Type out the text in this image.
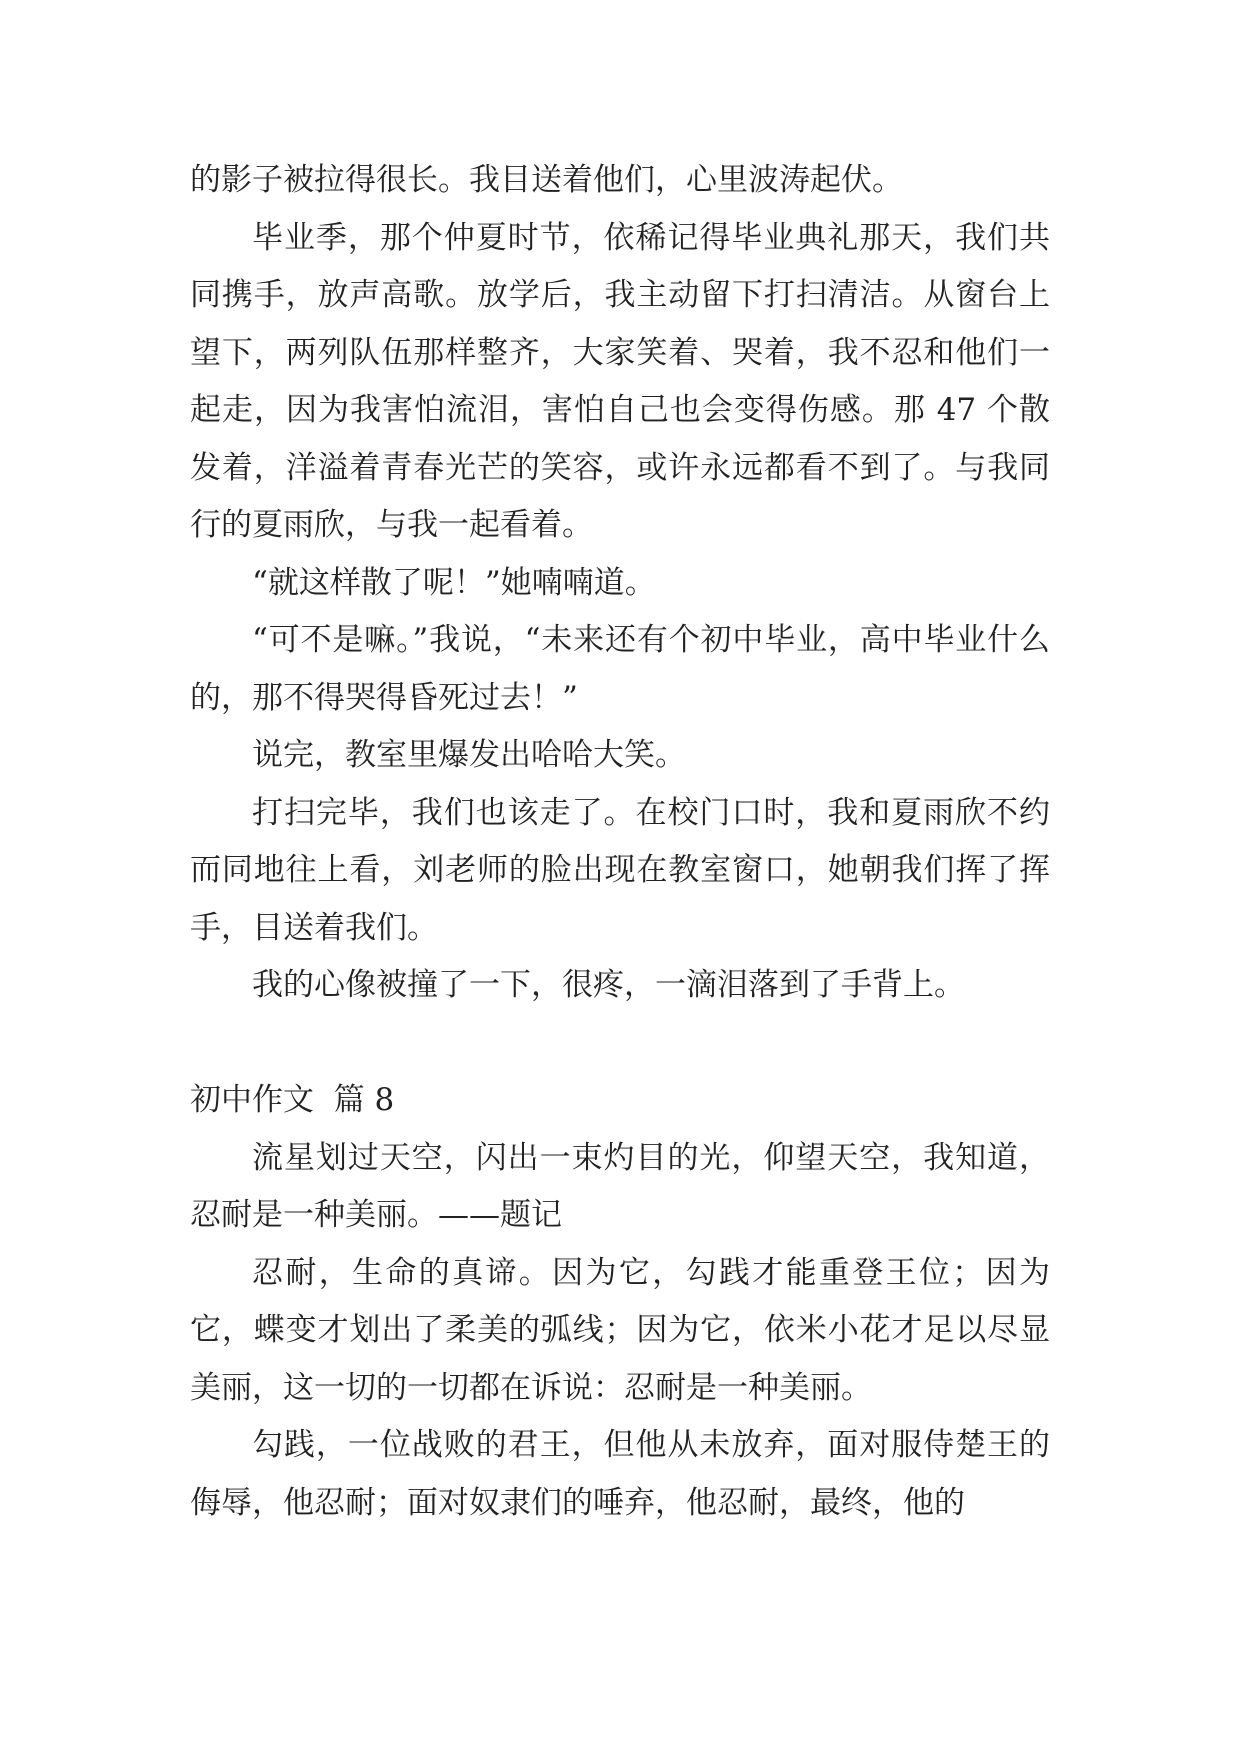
的影子被拉得很长。我目送着他们，心里波涛起伏。

毕业季，那个仲夏时节，依稀记得毕业典礼那天，我们共同携手，放声高歌。放学后，我主动留下打扫清洁。从窗台上望下，两列队伍那样整齐，大家笑着、哭着，我不忍和他们一起走，因为我害怕流泪，害怕自己也会变得伤感。那 47 个散发着，洋溢着青春光芒的笑容，或许永远都看不到了。与我同行的夏雨欣，与我一起看着。

“就这样散了呢！”她喃喃道。

“可不是嘛。”我说，“未来还有个初中毕业，高中毕业什么的，那不得哭得昏死过去！”

说完，教室里爆发出哈哈大笑。

打扫完毕，我们也该走了。在校门口时，我和夏雨欣不约而同地往上看，刘老师的脸出现在教室窗口，她朝我们挥了挥手，目送着我们。

我的心像被撞了一下，很疼，一滴泪落到了手背上。

初中作文  篇 8

流星划过天空，闪出一束灼目的光，仰望天空，我知道，忍耐是一种美丽。——题记

忍耐，生命的真谛。因为它，勾践才能重登王位；因为它，蝶变才划出了柔美的弧线；因为它，依米小花才足以尽显美丽，这一切的一切都在诉说：忍耐是一种美丽。

勾践，一位战败的君王，但他从未放弃，面对服侍楚王的侮辱，他忍耐；面对奴隶们的唾弃，他忍耐，最终，他的
